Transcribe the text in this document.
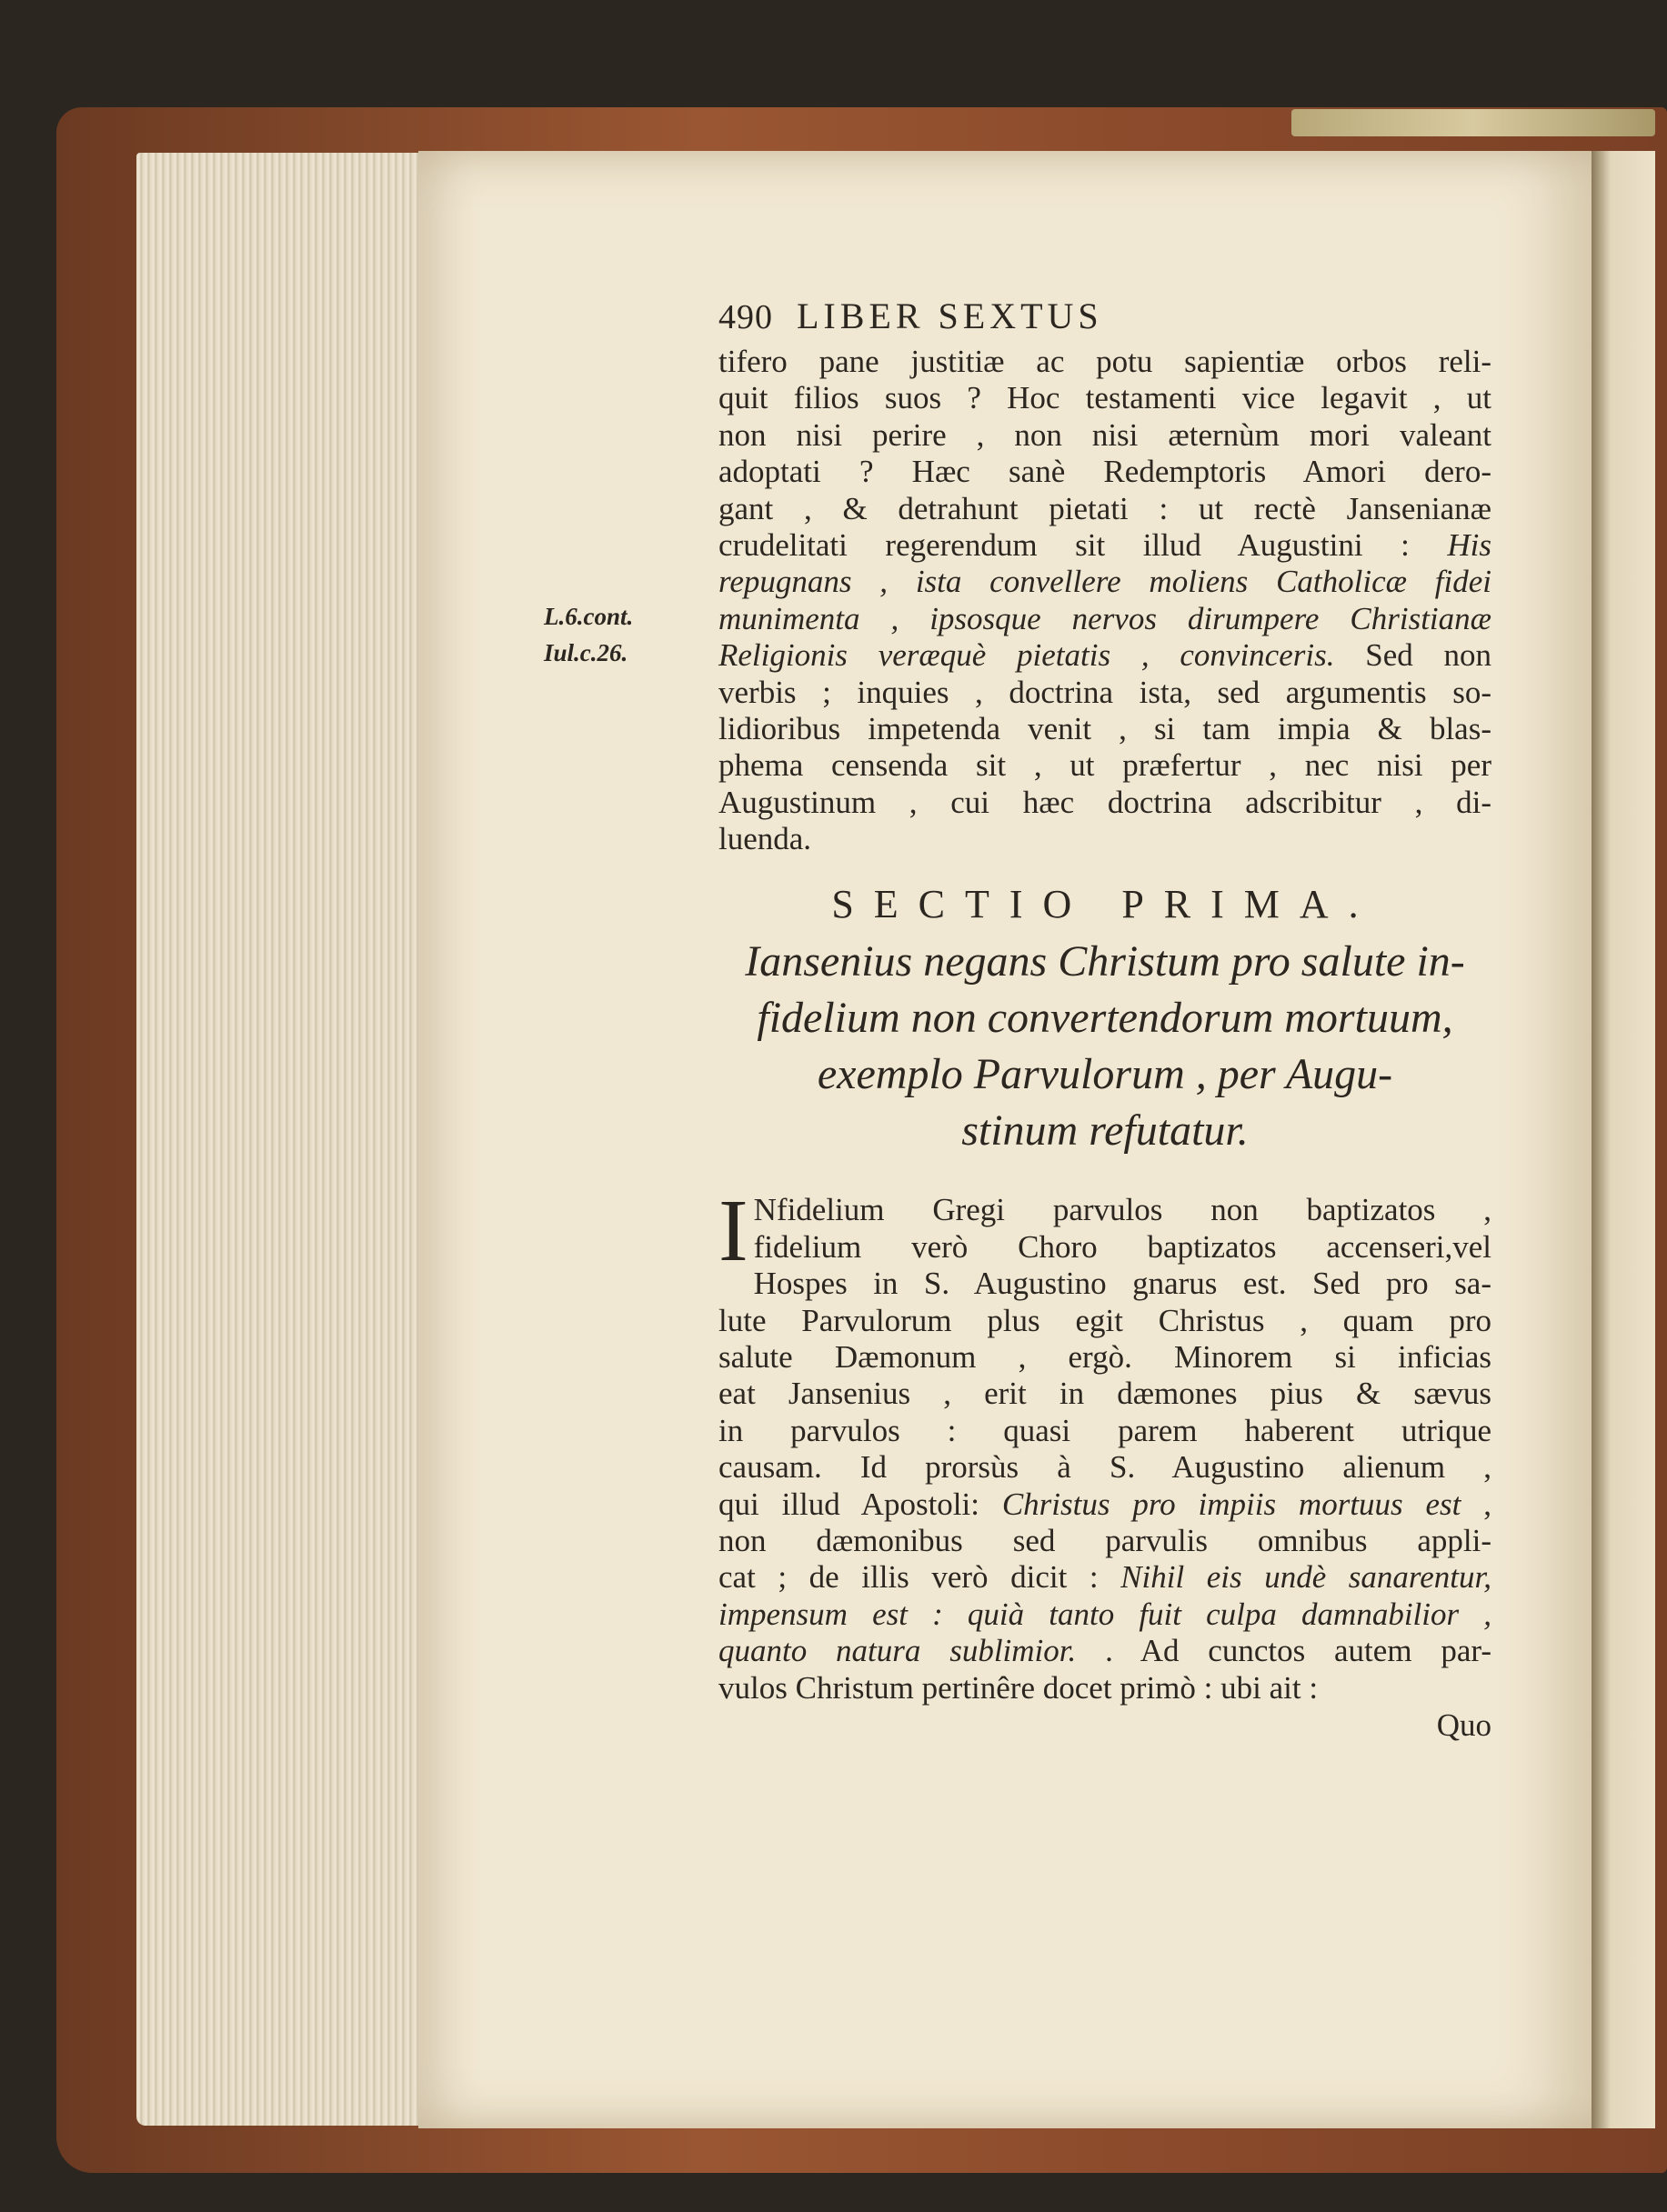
L.6.cont.
Iul.c.26.
490 LIBER SEXTUS
tifero pane justitiæ ac potu sapientiæ orbos reli-
quit filios suos ? Hoc testamenti vice legavit , ut
non nisi perire , non nisi æternùm mori valeant
adoptati ? Hæc sanè Redemptoris Amori dero-
gant , & detrahunt pietati : ut rectè Jansenianæ
crudelitati regerendum sit illud Augustini : His
repugnans , ista convellere moliens Catholicæ fidei
munimenta , ipsosque nervos dirumpere Christianæ
Religionis veræquè pietatis , convinceris. Sed non
verbis ; inquies , doctrina ista, sed argumentis so-
lidioribus impetenda venit , si tam impia & blas-
phema censenda sit , ut præfertur , nec nisi per
Augustinum , cui hæc doctrina adscribitur , di-
luenda.
SECTIO PRIMA.
Iansenius negans Christum pro salute in-
fidelium non convertendorum mortuum,
exemplo Parvulorum , per Augu-
stinum refutatur.
I Nfidelium Gregi parvulos non baptizatos ,
fidelium verò Choro baptizatos accenseri,vel
Hospes in S. Augustino gnarus est. Sed pro sa-
lute Parvulorum plus egit Christus , quam pro
salute Dæmonum , ergò. Minorem si inficias
eat Jansenius , erit in dæmones pius & sævus
in parvulos : quasi parem haberent utrique
causam. Id prorsùs à S. Augustino alienum ,
qui illud Apostoli: Christus pro impiis mortuus est ,
non dæmonibus sed parvulis omnibus appli-
cat ; de illis verò dicit : Nihil eis undè sanarentur,
impensum est : quià tanto fuit culpa damnabilior ,
quanto natura sublimior. . Ad cunctos autem par-
vulos Christum pertinêre docet primò : ubi ait :
Quo
